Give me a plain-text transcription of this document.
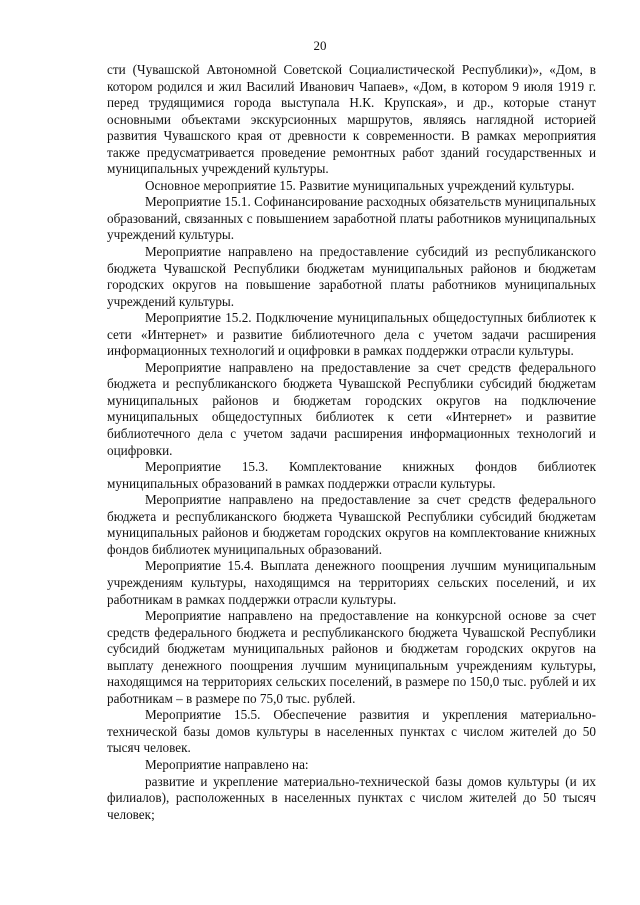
20

сти (Чувашской Автономной Советской Социалистической Республики)», «Дом, в котором родился и жил Василий Иванович Чапаев», «Дом, в котором 9 июля 1919 г. перед трудящимися города выступала Н.К. Крупская», и др., которые станут основными объектами экскурсионных маршрутов, являясь наглядной историей развития Чувашского края от древности к современности. В рамках мероприятия также предусматривается проведение ремонтных работ зданий государственных и муниципальных учреждений культуры.

Основное мероприятие 15. Развитие муниципальных учреждений культуры.

Мероприятие 15.1. Софинансирование расходных обязательств муниципальных образований, связанных с повышением заработной платы работников муниципальных учреждений культуры.

Мероприятие направлено на предоставление субсидий из республиканского бюджета Чувашской Республики бюджетам муниципальных районов и бюджетам городских округов на повышение заработной платы работников муниципальных учреждений культуры.

Мероприятие 15.2. Подключение муниципальных общедоступных библиотек к сети «Интернет» и развитие библиотечного дела с учетом задачи расширения информационных технологий и оцифровки в рамках поддержки отрасли культуры.

Мероприятие направлено на предоставление за счет средств федерального бюджета и республиканского бюджета Чувашской Республики субсидий бюджетам муниципальных районов и бюджетам городских округов на подключение муниципальных общедоступных библиотек к сети «Интернет» и развитие библиотечного дела с учетом задачи расширения информационных технологий и оцифровки.

Мероприятие 15.3. Комплектование книжных фондов библиотек муниципальных образований в рамках поддержки отрасли культуры.

Мероприятие направлено на предоставление за счет средств федерального бюджета и республиканского бюджета Чувашской Республики субсидий бюджетам муниципальных районов и бюджетам городских округов на комплектование книжных фондов библиотек муниципальных образований.

Мероприятие 15.4. Выплата денежного поощрения лучшим муниципальным учреждениям культуры, находящимся на территориях сельских поселений, и их работникам в рамках поддержки отрасли культуры.

Мероприятие направлено на предоставление на конкурсной основе за счет средств федерального бюджета и республиканского бюджета Чувашской Республики субсидий бюджетам муниципальных районов и бюджетам городских округов на выплату денежного поощрения лучшим муниципальным учреждениям культуры, находящимся на территориях сельских поселений, в размере по 150,0 тыс. рублей и их работникам – в размере по 75,0 тыс. рублей.

Мероприятие 15.5. Обеспечение развития и укрепления материально-технической базы домов культуры в населенных пунктах с числом жителей до 50 тысяч человек.

Мероприятие направлено на:

развитие и укрепление материально-технической базы домов культуры (и их филиалов), расположенных в населенных пунктах с числом жителей до 50 тысяч человек;
